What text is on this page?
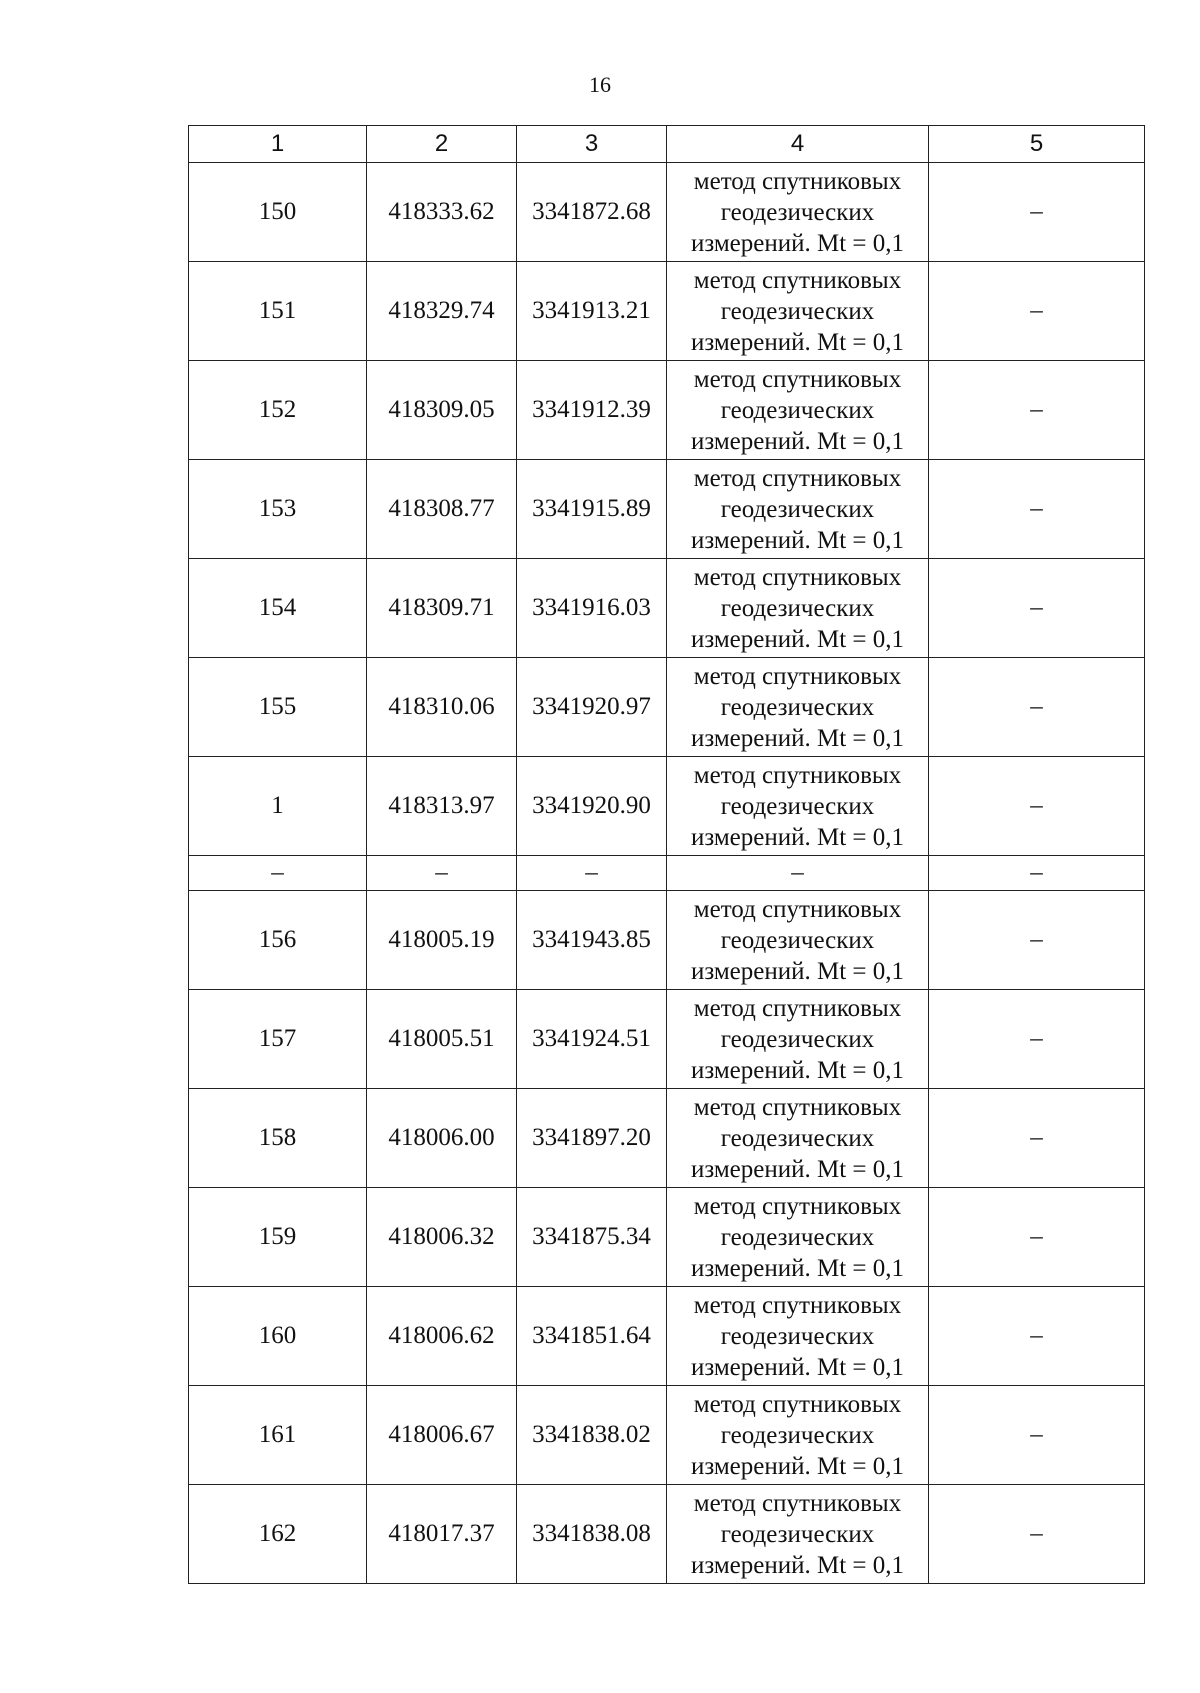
16
1	2	3	4	5
150	418333.62	3341872.68	метод спутниковых
геодезических
измерений. Mt = 0,1	–
151	418329.74	3341913.21	метод спутниковых
геодезических
измерений. Mt = 0,1	–
152	418309.05	3341912.39	метод спутниковых
геодезических
измерений. Mt = 0,1	–
153	418308.77	3341915.89	метод спутниковых
геодезических
измерений. Mt = 0,1	–
154	418309.71	3341916.03	метод спутниковых
геодезических
измерений. Mt = 0,1	–
155	418310.06	3341920.97	метод спутниковых
геодезических
измерений. Mt = 0,1	–
1	418313.97	3341920.90	метод спутниковых
геодезических
измерений. Mt = 0,1	–
–	–	–	–	–
156	418005.19	3341943.85	метод спутниковых
геодезических
измерений. Mt = 0,1	–
157	418005.51	3341924.51	метод спутниковых
геодезических
измерений. Mt = 0,1	–
158	418006.00	3341897.20	метод спутниковых
геодезических
измерений. Mt = 0,1	–
159	418006.32	3341875.34	метод спутниковых
геодезических
измерений. Mt = 0,1	–
160	418006.62	3341851.64	метод спутниковых
геодезических
измерений. Mt = 0,1	–
161	418006.67	3341838.02	метод спутниковых
геодезических
измерений. Mt = 0,1	–
162	418017.37	3341838.08	метод спутниковых
геодезических
измерений. Mt = 0,1	–
